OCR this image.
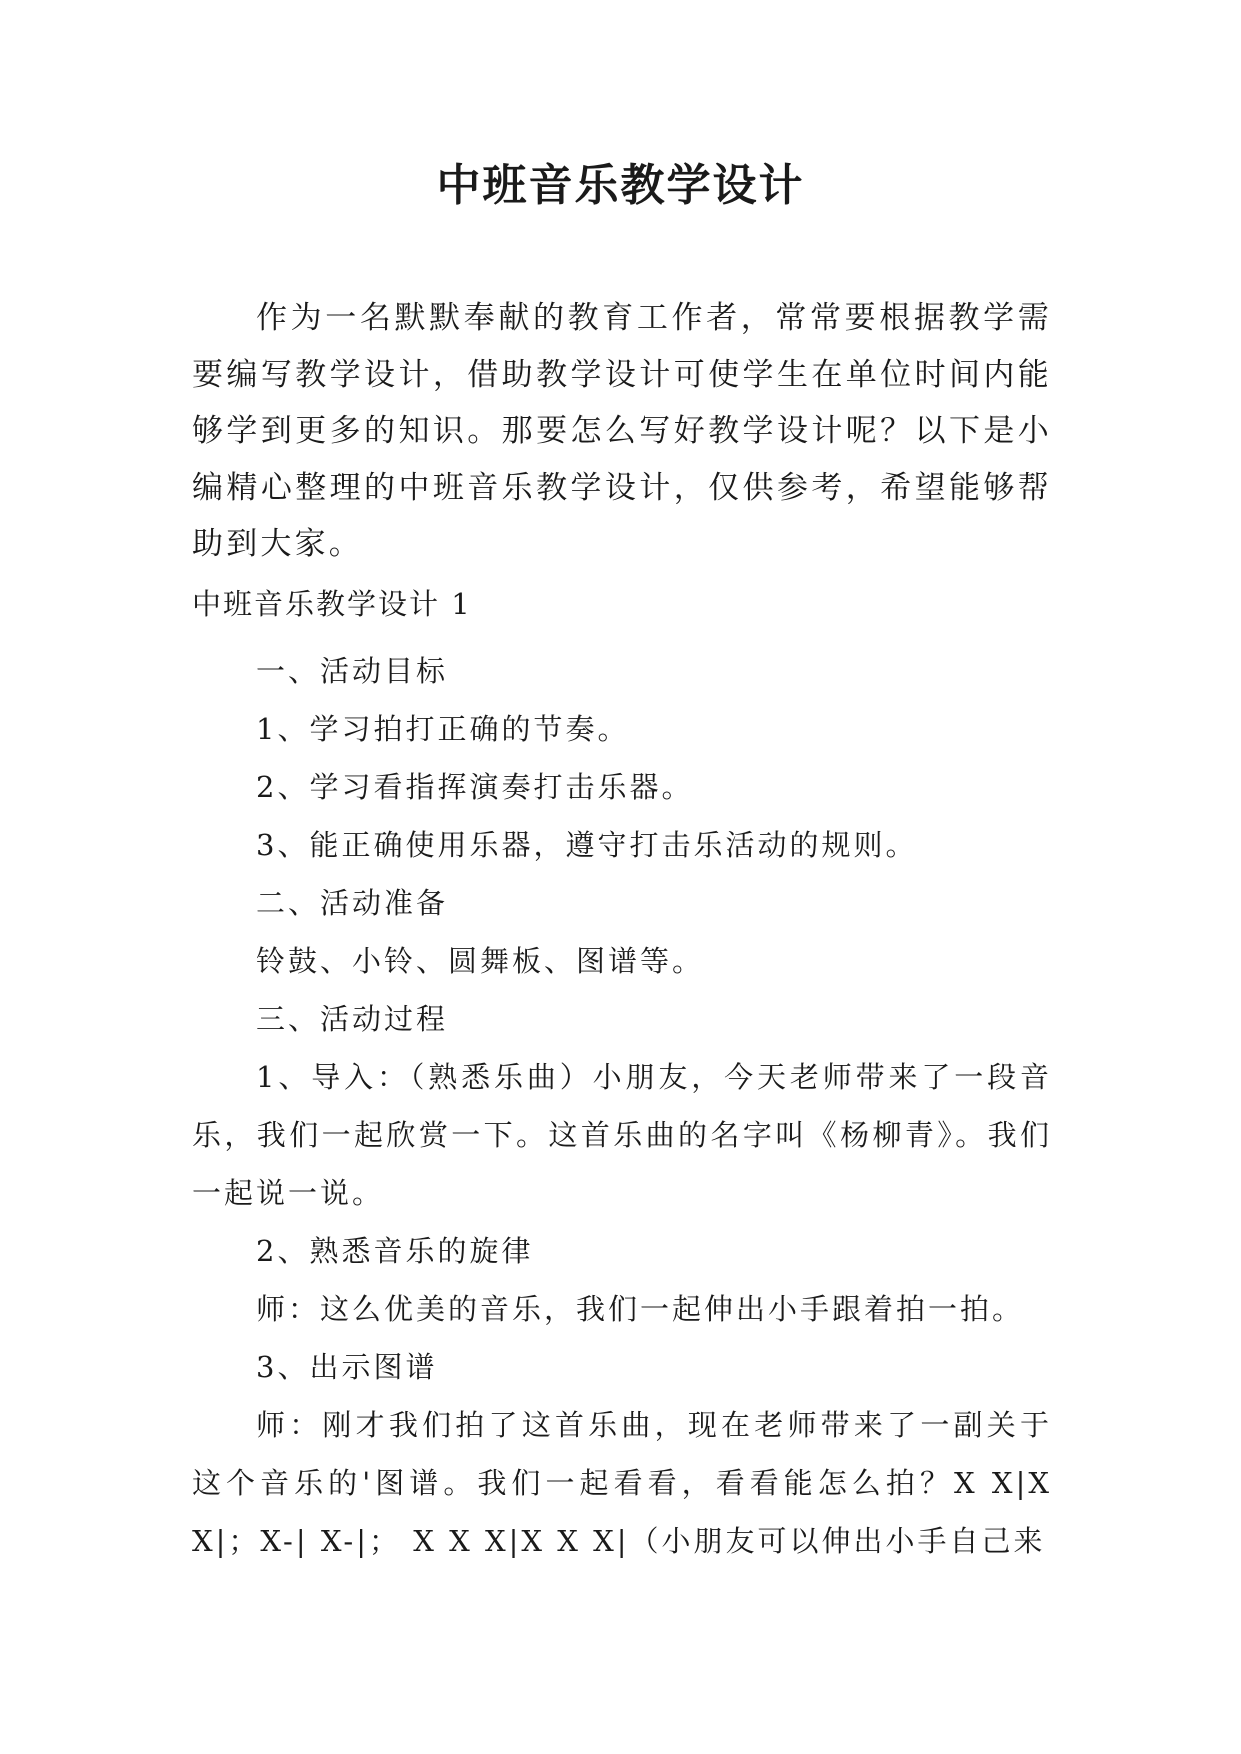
中班音乐教学设计

作为一名默默奉献的教育工作者，常常要根据教学需要编写教学设计，借助教学设计可使学生在单位时间内能够学到更多的知识。那要怎么写好教学设计呢？以下是小编精心整理的中班音乐教学设计，仅供参考，希望能够帮助到大家。

中班音乐教学设计 1
一、活动目标
1、学习拍打正确的节奏。
2、学习看指挥演奏打击乐器。
3、能正确使用乐器，遵守打击乐活动的规则。
二、活动准备
铃鼓、小铃、圆舞板、图谱等。
三、活动过程
1、导入：（熟悉乐曲）小朋友，今天老师带来了一段音乐，我们一起欣赏一下。这首乐曲的名字叫《杨柳青》。我们一起说一说。
2、熟悉音乐的旋律
师：这么优美的音乐，我们一起伸出小手跟着拍一拍。
3、出示图谱
师：刚才我们拍了这首乐曲，现在老师带来了一副关于这个音乐的'图谱。我们一起看看，看看能怎么拍？X X|X X|；X-| X-|； X X X|X X X|（小朋友可以伸出小手自己来
